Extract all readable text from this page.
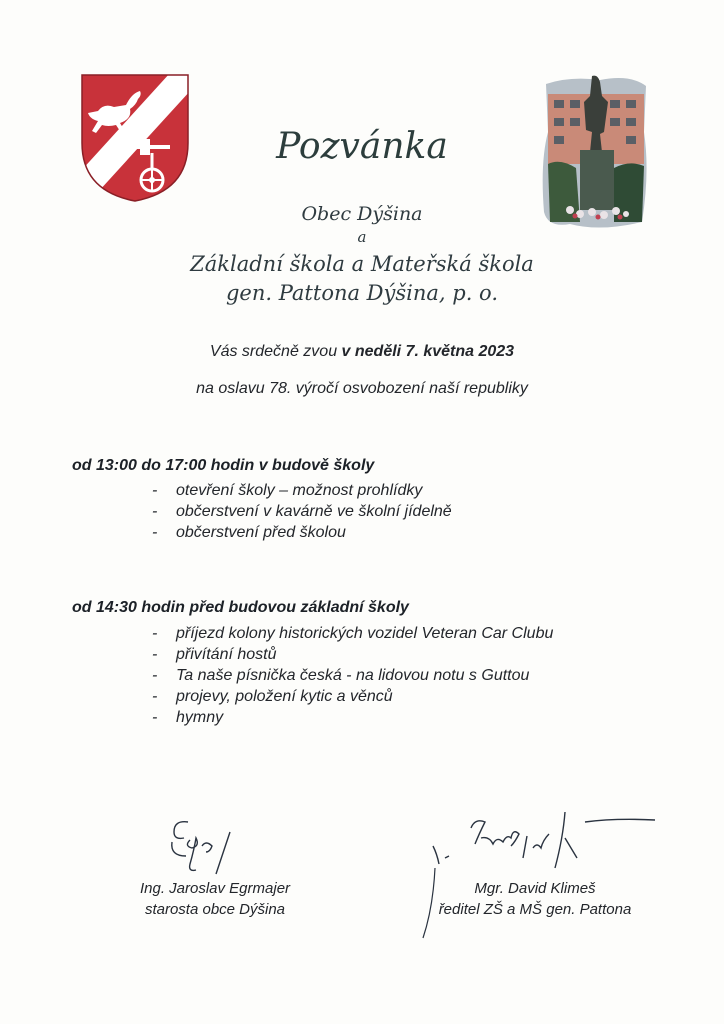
Pozvánka
Obec Dýšina
a
Základní škola a Mateřská škola
gen. Pattona Dýšina, p. o.
Vás srdečně zvou v neděli 7. května 2023
na oslavu 78. výročí osvobození naší republiky
od 13:00 do 17:00 hodin v budově školy
- otevření školy – možnost prohlídky
- občerstvení v kavárně ve školní jídelně
- občerstvení před školou
od 14:30 hodin před budovou základní školy
- příjezd kolony historických vozidel Veteran Car Clubu
- přivítání hostů
- Ta naše písnička česká - na lidovou notu s Guttou
- projevy, položení kytic a věnců
- hymny
Ing. Jaroslav Egrmajer
starosta obce Dýšina
Mgr. David Klimeš
ředitel ZŠ a MŠ gen. Pattona
